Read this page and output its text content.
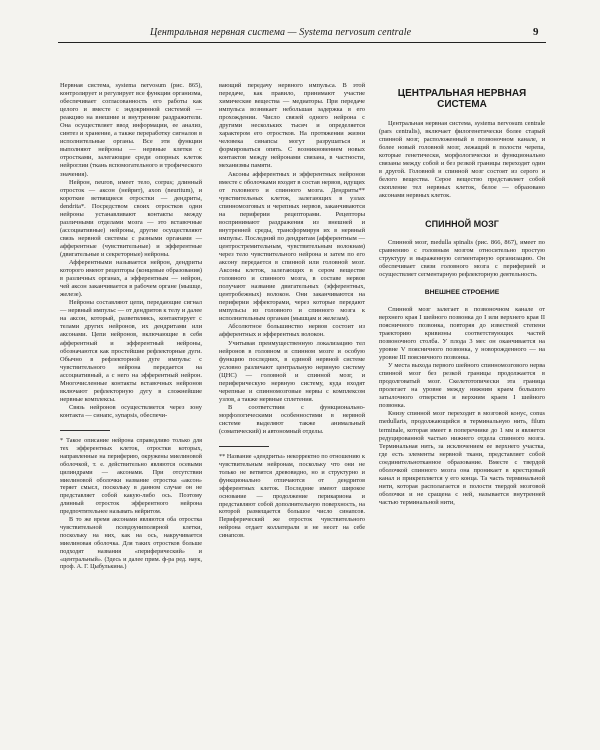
Центральная нервная система — Systema nervosum centrale	9

Нервная система, systema nervosum (рис. 865), контролирует и регулирует все функции организма, обеспечивает согласованность его работы как целого и вместе с эндокринной системой — реакцию на внешние и внутренние раздражители. Она осуществляет ввод информации, ее анализ, синтез и хранение, а также переработку сигналов в исполнительные органы. Все эти функции выполняют нейроны — нервные клетки с отростками, залегающие среди опорных клеток нейроглии (ткань вспомогательного и трофического значения).

Нейрон, neuron, имеет тело, corpus; длинный отросток — аксон (нейрит), axon (neuritum), и короткие ветвящиеся отростки — дендриты, dendrita*. Посредством своих отростков одни нейроны устанавливают контакты между различными отделами мозга — это вставочные (ассоциативные) нейроны, другие осуществляют связь нервной системы с разными органами — афферентные (чувствительные) и эфферентные (двигательные и секреторные) нейроны.

Афферентными называется нейрон, дендриты которого имеют рецепторы (концевые образования) в различных органах, а эфферентным — нейрон, чей аксон заканчивается в рабочем органе (мышце, железе).

Нейроны составляют цепи, передающие сигнал — нервный импульс — от дендритов к телу и далее на аксон, который, разветвляясь, контактирует с телами других нейронов, их дендритами или аксонами. Цепи нейронов, включающие в себя афферентный и эфферентный нейроны, обозначаются как простейшие рефлекторные дуги. Обычно в рефлекторной дуге импульс с чувствительного нейрона передается на ассоциативный, а с него на эфферентный нейрон. Многочисленные контакты вставочных нейронов включают рефлекторную дугу в сложнейшие нервные комплексы.

Связь нейронов осуществляется через зону контакта — синапс, synapsis, обеспечи-

* Такое описание нейрона справедливо только для тех эфферентных клеток, отростки которых, направленные на периферию, окружены миелиновой оболочкой, т. е. действительно являются осевыми цилиндрами — аксонами. При отсутствии миелиновой оболочки название отростка «аксон» теряет смысл, поскольку в данном случае он не представляет собой какую-либо ось. Поэтому длинный отросток эфферентного нейрона предпочтительнее называть нейритом.

В то же время аксонами являются оба отростка чувствительной псевдоуниполярной клетки, поскольку на них, как на ось, накручивается миелиновая оболочка. Для таких отростков больше подходят названия «периферический» и «центральный». (Здесь и далее прим. ф-ра ред. наук, проф. А. Г. Цыбулькина.)

вающий передачу нервного импульса. В этой передаче, как правило, принимают участие химические вещества — медиаторы. При передаче импульса возникает небольшая задержка в его прохождении. Число связей одного нейрона с другими нескольких тысяч и определяется характером его отростков. На протяжении жизни человека синапсы могут разрушаться и формироваться опять. С возникновением новых контактов между нейронами связана, в частности, механизмы памяти.

Аксоны афферентных и эфферентных нейронов вместе с оболочками входят в состав нервов, идущих от головного и спинного мозга. Дендриты** чувствительных клеток, залегающих в узлах спинномозговых и черепных нервов, заканчиваются на периферии рецепторами. Рецепторы воспринимают раздражения из внешней и внутренней среды, трансформируя их в нервный импульс. Последний по дендритам (афферентным — центростремительным, чувствительным волокнам) через тело чувствительного нейрона и затем по его аксону передается в спинной или головной мозг. Аксоны клеток, залегающих в сером веществе головного и спинного мозга, в составе нервов получают название двигательных (эфферентных, центробежных) волокон. Они заканчиваются на периферии эффекторами, через которые передают импульсы из головного и спинного мозга к исполнительным органам (мышцам и железам).

Абсолютное большинство нервов состоит из афферентных и эфферентных волокон.

Учитывая преимущественную локализацию тел нейронов в головном и спинном мозге и особую функцию последних, в единой нервной системе условно различают центральную нервную систему (ЦНС) — головной и спинной мозг, и периферическую нервную систему, куда входят черепные и спинномозговые нервы с комплексом узлов, а также нервные сплетения.

В соответствии с функционально-морфологическими особенностями в нервной системе выделяют также анимальный (соматический) и автономный отделы.

** Название «дендриты» некорректно по отношению к чувствительным нейронам, поскольку что они не только не ветвятся древовидно, но и структурно и функционально отличаются от дендритов эфферентных клеток. Последние имеют широкое основание — продолжение перикариона и представляют собой дополнительную поверхность, на которой размещается большое число синапсов. Периферический же отросток чувствительного нейрона отдает коллатерали и не несет на себе синапсов.

ЦЕНТРАЛЬНАЯ НЕРВНАЯ СИСТЕМА

Центральная нервная система, systema nervosum centrale (pars centralis), включает филогенетически более старый спинной мозг, расположенный в позвоночном канале, и более новый головной мозг, лежащий в полости черепа, которые генетически, морфологически и функционально связаны между собой и без резкой границы переходят один в другой. Головной и спинной мозг состоят из серого и белого вещества. Серое вещество представляет собой скопление тел нервных клеток, белое — образовано аксонами нервных клеток.

СПИННОЙ МОЗГ

Спинной мозг, medulla spinalis (рис. 866, 867), имеет по сравнению с головным мозгом относительно простую структуру и выраженную сегментарную организацию. Он обеспечивает связи головного мозга с периферией и осуществляет сегментарную рефлекторную деятельность.

ВНЕШНЕЕ СТРОЕНИЕ

Спинной мозг залегает в позвоночном канале от верхнего края I шейного позвонка до I или верхнего края II поясничного позвонка, повторяя до известной степени траекторию кривизны соответствующих частей позвоночного столба. У плода 3 мес он оканчивается на уровне V поясничного позвонка, у новорожденного — на уровне III поясничного позвонка.

У места выхода первого шейного спинномозгового нерва спинной мозг без резкой границы продолжается в продолговатый мозг. Скелетотопически эта граница пролегает на уровне между нижним краем большого затылочного отверстия и верхним краем I шейного позвонка.

Книзу спинной мозг переходит в мозговой конус, conus medullaris, продолжающийся в терминальную нить, filum terminale, которая имеет в поперечнике до 1 мм и является редуцированной частью нижнего отдела спинного мозга. Терминальная нить, за исключением ее верхнего участка, где есть элементы нервной ткани, представляет собой соединительнотканное образование. Вместе с твердой оболочкой спинного мозга она проникает в крестцовый канал и прикрепляется у его конца. Та часть терминальной нити, которая располагается в полости твердой мозговой оболочки и не сращена с ней, называется внутренней частью терминальной нити,
